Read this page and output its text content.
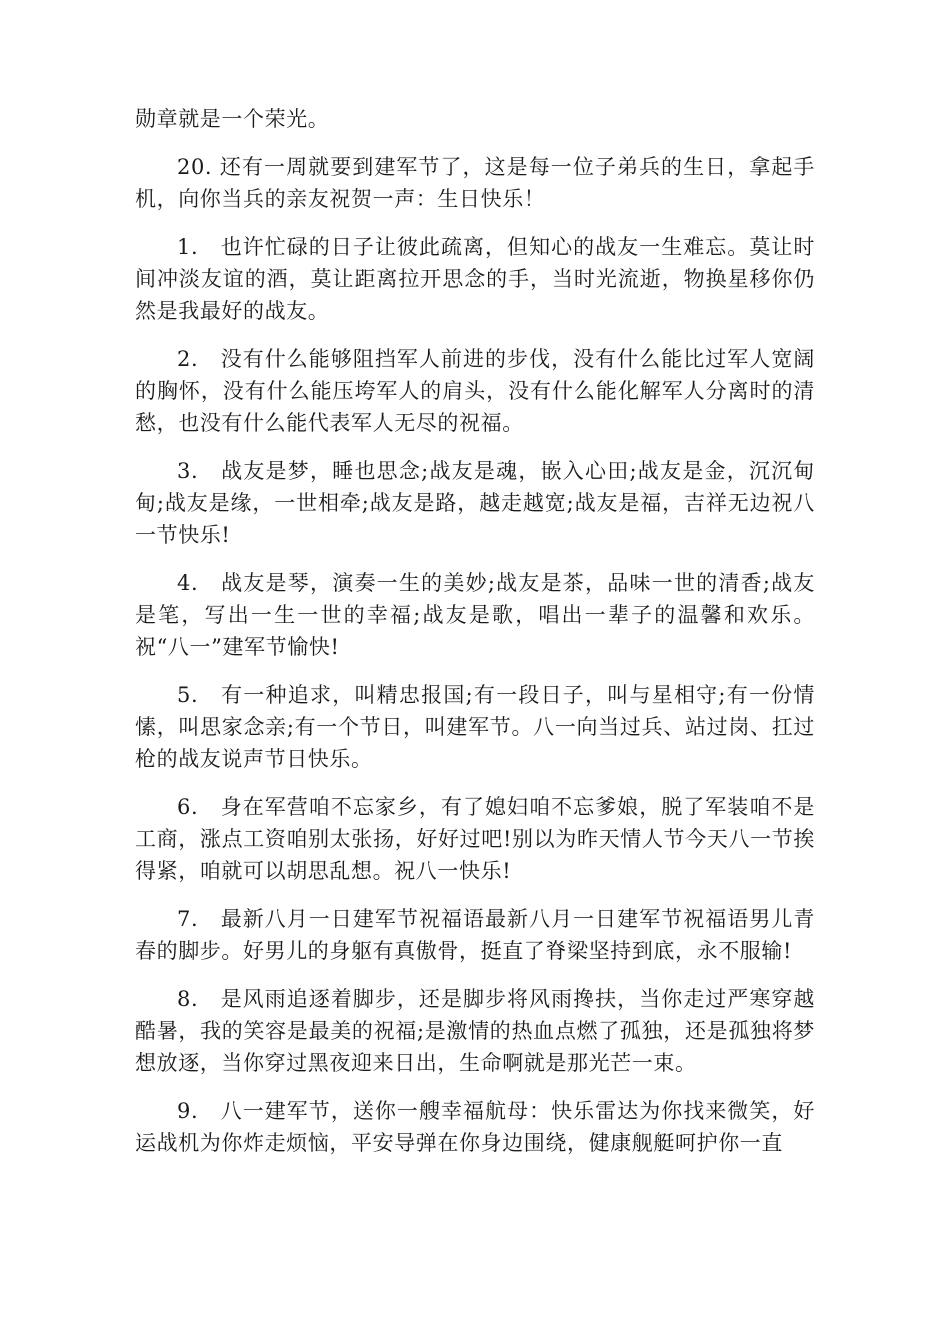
勋章就是一个荣光。

20. 还有一周就要到建军节了，这是每一位子弟兵的生日，拿起手机，向你当兵的亲友祝贺一声：生日快乐！

1.　也许忙碌的日子让彼此疏离，但知心的战友一生难忘。莫让时间冲淡友谊的酒，莫让距离拉开思念的手，当时光流逝，物换星移你仍然是我最好的战友。

2.　没有什么能够阻挡军人前进的步伐，没有什么能比过军人宽阔的胸怀，没有什么能压垮军人的肩头，没有什么能化解军人分离时的清愁，也没有什么能代表军人无尽的祝福。

3.　战友是梦，睡也思念;战友是魂，嵌入心田;战友是金，沉沉甸甸;战友是缘，一世相牵;战友是路，越走越宽;战友是福，吉祥无边祝八一节快乐!

4.　战友是琴，演奏一生的美妙;战友是茶，品味一世的清香;战友是笔，写出一生一世的幸福;战友是歌，唱出一辈子的温馨和欢乐。祝“八一”建军节愉快!

5.　有一种追求，叫精忠报国;有一段日子，叫与星相守;有一份情愫，叫思家念亲;有一个节日，叫建军节。八一向当过兵、站过岗、扛过枪的战友说声节日快乐。

6.　身在军营咱不忘家乡，有了媳妇咱不忘爹娘，脱了军装咱不是工商，涨点工资咱别太张扬，好好过吧!别以为昨天情人节今天八一节挨得紧，咱就可以胡思乱想。祝八一快乐!

7.　最新八月一日建军节祝福语最新八月一日建军节祝福语男儿青春的脚步。好男儿的身躯有真傲骨，挺直了脊梁坚持到底，永不服输!

8.　是风雨追逐着脚步，还是脚步将风雨搀扶，当你走过严寒穿越酷暑，我的笑容是最美的祝福;是激情的热血点燃了孤独，还是孤独将梦想放逐，当你穿过黑夜迎来日出，生命啊就是那光芒一束。

9.　八一建军节，送你一艘幸福航母：快乐雷达为你找来微笑，好运战机为你炸走烦恼，平安导弹在你身边围绕，健康舰艇呵护你一直
